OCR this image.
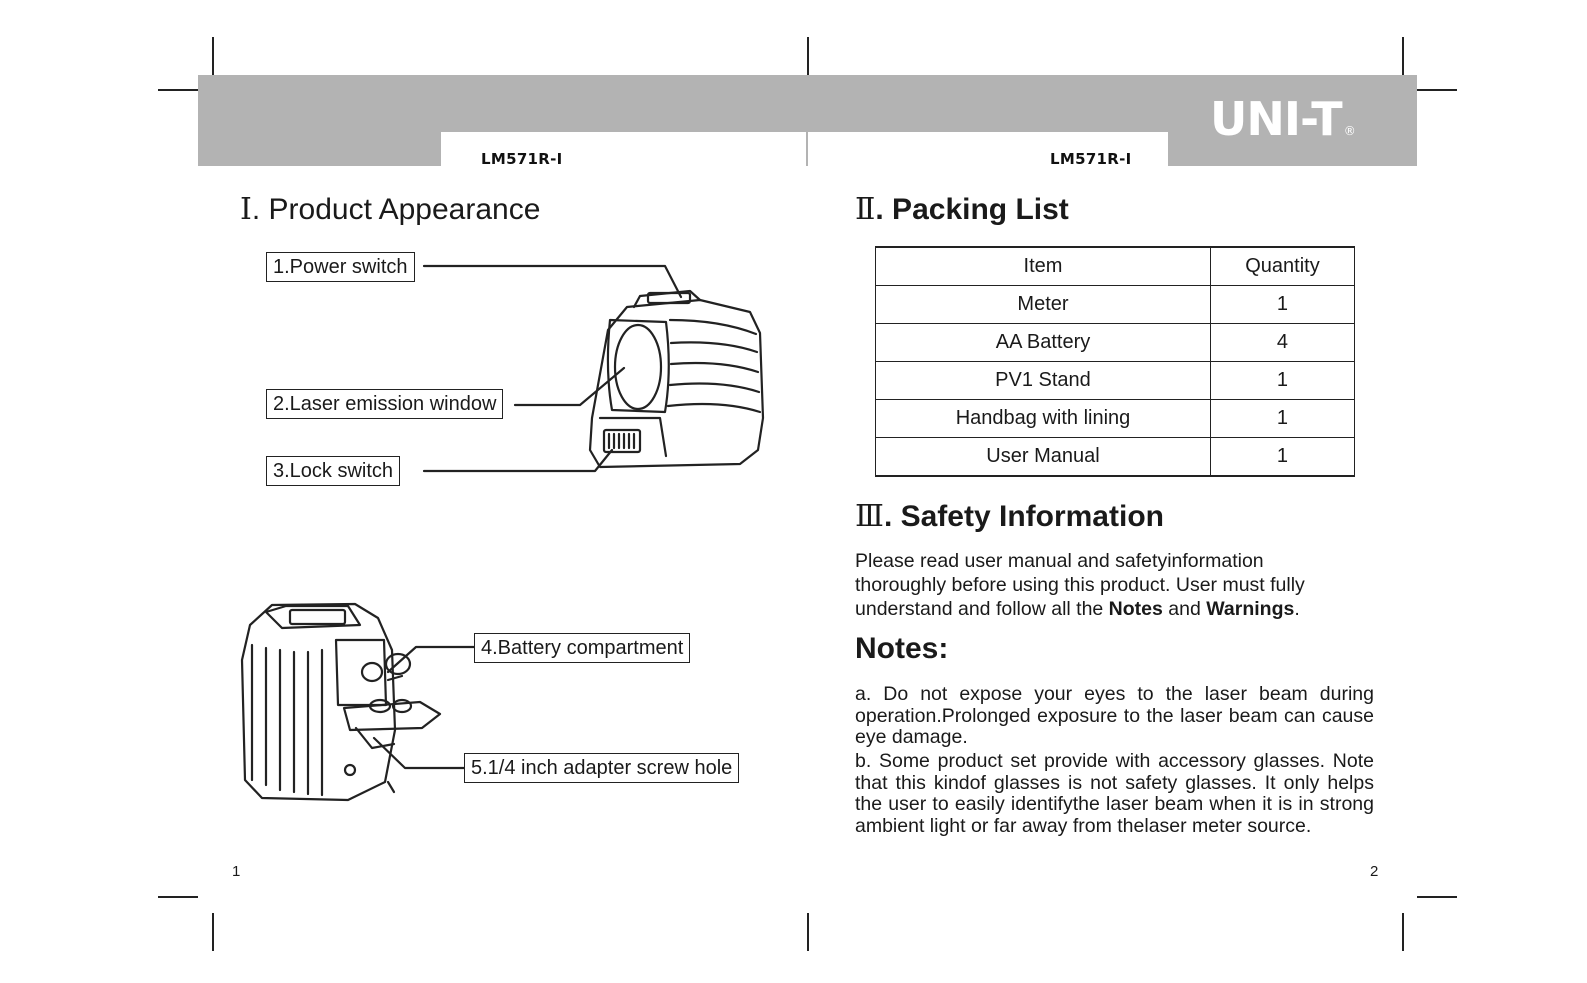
LM571R-I	LM571R-I
UNI-T ®
Ⅰ. Product Appearance
1.Power switch
2.Laser emission window
3.Lock switch
4.Battery compartment
5.1/4 inch adapter screw hole
1
Ⅱ. Packing List
Item	Quantity
Meter	1
AA Battery	4
PV1 Stand	1
Handbag with lining	1
User Manual	1
Ⅲ. Safety Information
Please read user manual and safetyinformation
thoroughly before using this product. User must fully
understand and follow all the Notes and Warnings.
Notes:
a. Do not expose your eyes to the laser beam during operation.Prolonged exposure to the laser beam can cause eye damage.
b. Some product set provide with accessory glasses. Note that this kindof glasses is not safety glasses. It only helps the user to easily identifythe laser beam when it is in strong ambient light or far away from thelaser meter source.
2
